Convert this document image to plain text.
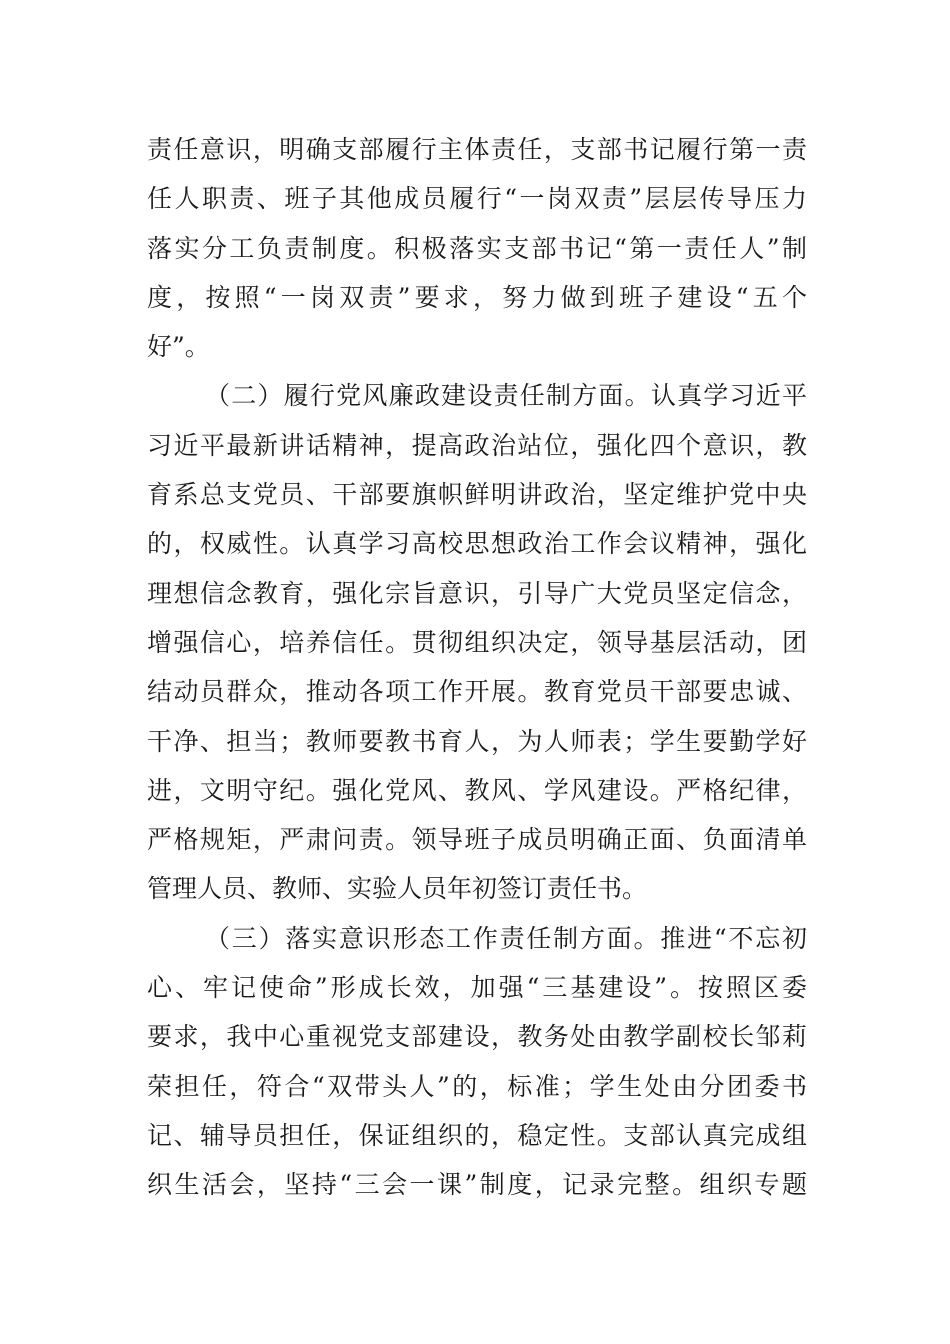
责任意识，明确支部履行主体责任，支部书记履行第一责
任人职责、班子其他成员履行“一岗双责”层层传导压力
落实分工负责制度。积极落实支部书记“第一责任人”制
度，按照“一岗双责”要求，努力做到班子建设“五个
好”。
（二）履行党风廉政建设责任制方面。认真学习近平
习近平最新讲话精神，提高政治站位，强化四个意识，教
育系总支党员、干部要旗帜鲜明讲政治，坚定维护党中央
的，权威性。认真学习高校思想政治工作会议精神，强化
理想信念教育，强化宗旨意识，引导广大党员坚定信念，
增强信心，培养信任。贯彻组织决定，领导基层活动，团
结动员群众，推动各项工作开展。教育党员干部要忠诚、
干净、担当；教师要教书育人，为人师表；学生要勤学好
进，文明守纪。强化党风、教风、学风建设。严格纪律，
严格规矩，严肃问责。领导班子成员明确正面、负面清单
管理人员、教师、实验人员年初签订责任书。
（三）落实意识形态工作责任制方面。推进“不忘初
心、牢记使命”形成长效，加强“三基建设”。按照区委
要求，我中心重视党支部建设，教务处由教学副校长邹莉
荣担任，符合“双带头人”的，标准；学生处由分团委书
记、辅导员担任，保证组织的，稳定性。支部认真完成组
织生活会，坚持“三会一课”制度，记录完整。组织专题
